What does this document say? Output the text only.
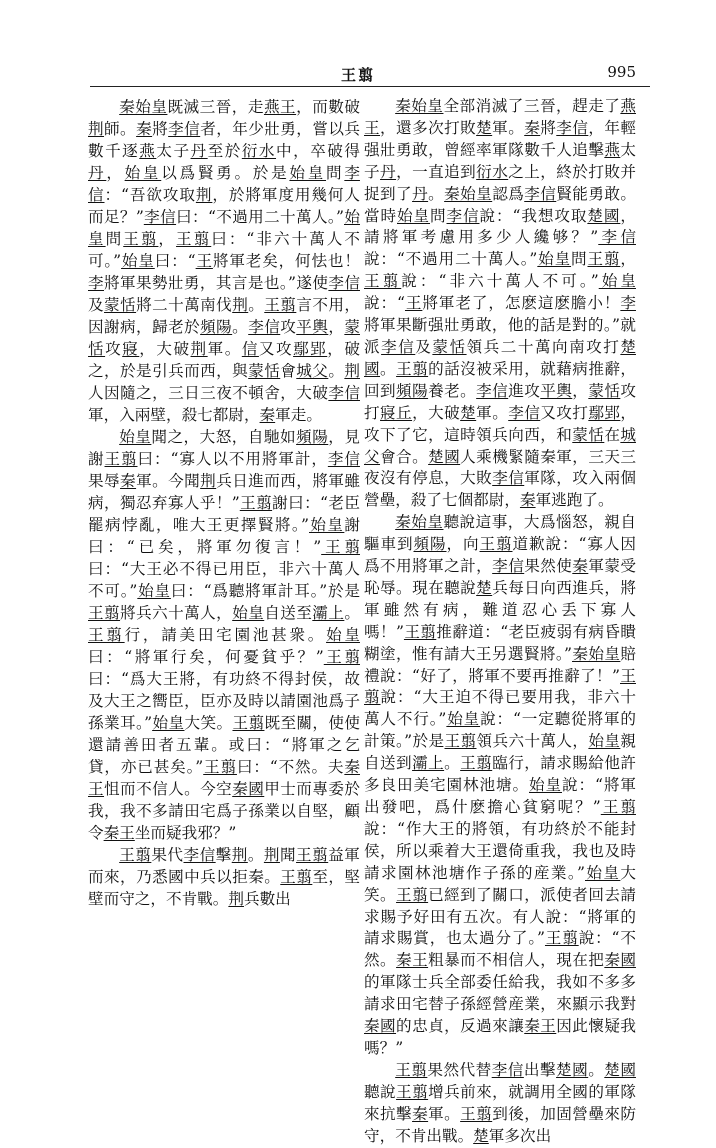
王翦	995

秦始皇既滅三晉，走燕王，而數破荆師。秦將李信者，年少壯勇，嘗以兵數千逐燕太子丹至於衍水中，卒破得丹，始皇以爲賢勇。於是始皇問李信：“吾欲攻取荆，於將軍度用幾何人而足？”李信曰：“不過用二十萬人。”始皇問王翦，王翦曰：“非六十萬人不可。”始皇曰：“王將軍老矣，何怯也！李將軍果勢壯勇，其言是也。”遂使李信及蒙恬將二十萬南伐荆。王翦言不用，因謝病，歸老於頻陽。李信攻平輿，蒙恬攻寢，大破荆軍。信又攻鄢郢，破之，於是引兵而西，與蒙恬會城父。荆人因隨之，三日三夜不頓舍，大破李信軍，入兩壁，殺七都尉，秦軍走。

始皇聞之，大怒，自馳如頻陽，見謝王翦曰：“寡人以不用將軍計，李信果辱秦軍。今聞荆兵日進而西，將軍雖病，獨忍弃寡人乎！”王翦謝曰：“老臣罷病悖亂，唯大王更擇賢將。”始皇謝曰：“已矣，將軍勿復言！”王翦曰：“大王必不得已用臣，非六十萬人不可。”始皇曰：“爲聽將軍計耳。”於是王翦將兵六十萬人，始皇自送至灞上。王翦行，請美田宅園池甚衆。始皇曰：“將軍行矣，何憂貧乎？”王翦曰：“爲大王將，有功終不得封侯，故及大王之嚮臣，臣亦及時以請園池爲子孫業耳。”始皇大笑。王翦既至關，使使還請善田者五輩。或曰：“將軍之乞貸，亦已甚矣。”王翦曰：“不然。夫秦王怚而不信人。今空秦國甲士而專委於我，我不多請田宅爲子孫業以自堅，顧令秦王坐而疑我邪？”

王翦果代李信擊荆。荆聞王翦益軍而來，乃悉國中兵以拒秦。王翦至，堅壁而守之，不肯戰。荆兵數出

秦始皇全部消滅了三晉，趕走了燕王，還多次打敗楚軍。秦將李信，年輕强壯勇敢，曾經率軍隊數千人追擊燕太子丹，一直追到衍水之上，終於打敗并捉到了丹。秦始皇認爲李信賢能勇敢。當時始皇問李信說：“我想攻取楚國，請將軍考慮用多少人纔够？”李信說：“不過用二十萬人。”始皇問王翦，王翦說：“非六十萬人不可。”始皇說：“王將軍老了，怎麽這麽膽小！李將軍果斷强壯勇敢，他的話是對的。”就派李信及蒙恬領兵二十萬向南攻打楚國。王翦的話沒被采用，就藉病推辭，回到頻陽養老。李信進攻平輿，蒙恬攻打寢丘，大破楚軍。李信又攻打鄢郢，攻下了它，這時領兵向西，和蒙恬在城父會合。楚國人乘機緊隨秦軍，三天三夜沒有停息，大敗李信軍隊，攻入兩個營壘，殺了七個都尉，秦軍逃跑了。

秦始皇聽說這事，大爲惱怒，親自驅車到頻陽，向王翦道歉說：“寡人因爲不用將軍之計，李信果然使秦軍蒙受恥辱。現在聽說楚兵每日向西進兵，將軍雖然有病，難道忍心丢下寡人嗎！”王翦推辭道：“老臣疲弱有病昏瞶糊塗，惟有請大王另選賢將。”秦始皇賠禮說：“好了，將軍不要再推辭了！”王翦說：“大王迫不得已要用我，非六十萬人不行。”始皇說：“一定聽從將軍的計策。”於是王翦領兵六十萬人，始皇親自送到灞上。王翦臨行，請求賜給他許多良田美宅園林池塘。始皇說：“將軍出發吧，爲什麽擔心貧窮呢？”王翦說：“作大王的將領，有功終於不能封侯，所以乘着大王還倚重我，我也及時請求園林池塘作子孫的産業。”始皇大笑。王翦已經到了關口，派使者回去請求賜予好田有五次。有人說：“將軍的請求賜賞，也太過分了。”王翦說：“不然。秦王粗暴而不相信人，現在把秦國的軍隊士兵全部委任給我，我如不多多請求田宅替子孫經營産業，來顯示我對秦國的忠貞，反過來讓秦王因此懷疑我嗎？”

王翦果然代替李信出擊楚國。楚國聽說王翦增兵前來，就調用全國的軍隊來抗擊秦軍。王翦到後，加固營壘來防守，不肯出戰。楚軍多次出
